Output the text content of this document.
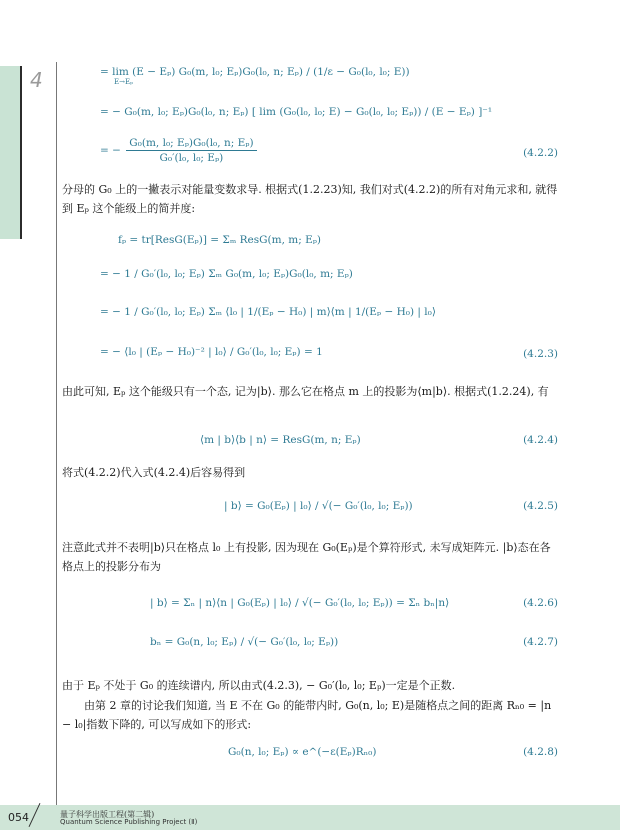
4	= lim (E − Eₚ) G₀(m, l₀; Eₚ)G₀(l₀, n; Eₚ) / (1/ε − G₀(l₀, l₀; E))
E→Eₚ
= − G₀(m, l₀; Eₚ)G₀(l₀, n; Eₚ) [ lim (G₀(l₀, l₀; E) − G₀(l₀, l₀; Eₚ)) / (E − Eₚ) ]⁻¹
= − $\frac{\text{G₀(m, l₀; Eₚ)G₀(l₀, n; Eₚ)}}{\text{G₀′(l₀, l₀; Eₚ)}}$	(4.2.2)
分母的 G₀ 上的一撇表示对能量变数求导. 根据式(1.2.23)知, 我们对式(4.2.2)的所有对角元求和, 就得到 Eₚ 这个能级上的简并度:
fₚ = tr[ResG(Eₚ)] = Σₘ ResG(m, m; Eₚ)
= − 1 / G₀′(l₀, l₀; Eₚ) Σₘ G₀(m, l₀; Eₚ)G₀(l₀, m; Eₚ)
= − 1 / G₀′(l₀, l₀; Eₚ) Σₘ ⟨l₀ | 1/(Eₚ − H₀) | m⟩⟨m | 1/(Eₚ − H₀) | l₀⟩
= − ⟨l₀ | (Eₚ − H₀)⁻² | l₀⟩ / G₀′(l₀, l₀; Eₚ) = 1	(4.2.3)
由此可知, Eₚ 这个能级只有一个态, 记为|b⟩. 那么它在格点 m 上的投影为⟨m|b⟩. 根据式(1.2.24), 有
⟨m | b⟩⟨b | n⟩ = ResG(m, n; Eₚ)	(4.2.4)
将式(4.2.2)代入式(4.2.4)后容易得到
| b⟩ = G₀(Eₚ) | l₀⟩ / √(− G₀′(l₀, l₀; Eₚ))	(4.2.5)
注意此式并不表明|b⟩只在格点 l₀ 上有投影, 因为现在 G₀(Eₚ)是个算符形式, 未写成矩阵元. |b⟩态在各格点上的投影分布为
| b⟩ = Σₙ | n⟩⟨n | G₀(Eₚ) | l₀⟩ / √(− G₀′(l₀, l₀; Eₚ)) = Σₙ bₙ|n⟩	(4.2.6)
bₙ = G₀(n, l₀; Eₚ) / √(− G₀′(l₀, l₀; Eₚ))	(4.2.7)
由于 Eₚ 不处于 G₀ 的连续谱内, 所以由式(4.2.3), − G₀′(l₀, l₀; Eₚ)一定是个正数.
由第 2 章的讨论我们知道, 当 E 不在 G₀ 的能带内时, G₀(n, l₀; E)是随格点之间的距离 Rₙ₀ = |n − l₀|指数下降的, 可以写成如下的形式:
G₀(n, l₀; Eₚ) ∝ e^(−ε(Eₚ)Rₙ₀)	(4.2.8)
054	量子科学出版工程(第二辑)
Quantum Science Publishing Project (Ⅱ)
